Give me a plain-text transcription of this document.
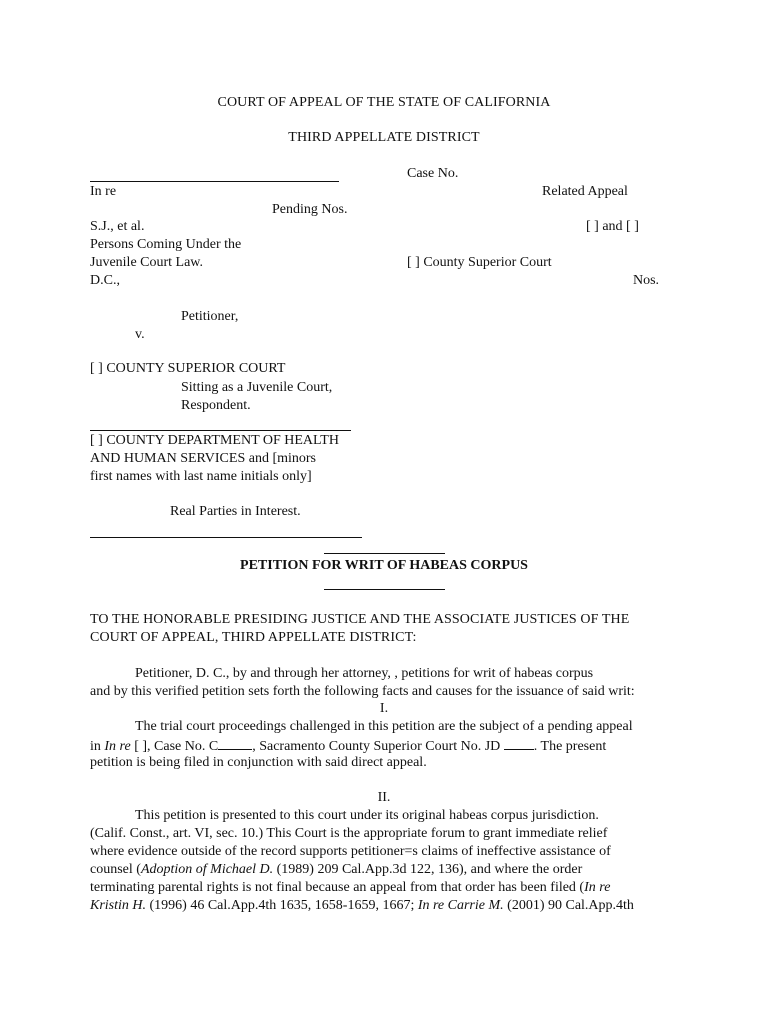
COURT OF APPEAL OF THE STATE OF CALIFORNIA
THIRD APPELLATE DISTRICT
Case No.
In re	Related Appeal
Pending Nos.
S.J., et al.	[ ] and [ ]
Persons Coming Under the
Juvenile Court Law.	[ ] County Superior Court
D.C.,	Nos.
Petitioner,
v.
[ ] COUNTY SUPERIOR COURT
Sitting as a Juvenile Court,
Respondent.
[ ] COUNTY DEPARTMENT OF HEALTH
AND HUMAN SERVICES and [minors
first names with last name initials only]
Real Parties in Interest.
PETITION FOR WRIT OF HABEAS CORPUS
TO THE HONORABLE PRESIDING JUSTICE AND THE ASSOCIATE JUSTICES OF THE
COURT OF APPEAL, THIRD APPELLATE DISTRICT:
Petitioner, D. C., by and through her attorney, , petitions for writ of habeas corpus
and by this verified petition sets forth the following facts and causes for the issuance of said writ:
I.
The trial court proceedings challenged in this petition are the subject of a pending appeal
in In re [ ], Case No. C , Sacramento County Superior Court No. JD . The present
petition is being filed in conjunction with said direct appeal.
II.
This petition is presented to this court under its original habeas corpus jurisdiction.
(Calif. Const., art. VI, sec. 10.) This Court is the appropriate forum to grant immediate relief
where evidence outside of the record supports petitioner=s claims of ineffective assistance of
counsel (Adoption of Michael D. (1989) 209 Cal.App.3d 122, 136), and where the order
terminating parental rights is not final because an appeal from that order has been filed (In re
Kristin H. (1996) 46 Cal.App.4th 1635, 1658-1659, 1667; In re Carrie M. (2001) 90 Cal.App.4th
